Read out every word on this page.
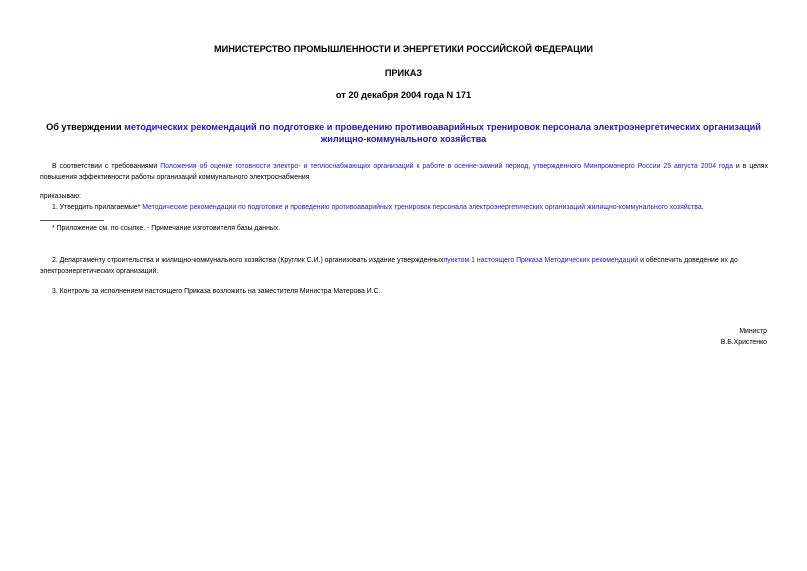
МИНИСТЕРСТВО ПРОМЫШЛЕННОСТИ И ЭНЕРГЕТИКИ РОССИЙСКОЙ ФЕДЕРАЦИИ
ПРИКАЗ
от 20 декабря 2004 года N 171
Об утверждении методических рекомендаций по подготовке и проведению противоаварийных тренировок персонала электроэнергетических организаций жилищно-коммунального хозяйства
В соответствии с требованиями Положения об оценке готовности электро- и теплоснабжающих организаций к работе в осенне-зимний период, утвержденного Минпромэнерго России 25 августа 2004 года и в целях повышения эффективности работы организаций коммунального электроснабжения
приказываю:
1. Утвердить прилагаемые* Методические рекомендации по подготовке и проведению противоаварийных тренировок персонала электроэнергетических организаций жилищно-коммунального хозяйства.
* Приложение см. по ссылке. - Примечание изготовителя базы данных.
2. Департаменту строительства и жилищно-коммунального хозяйства (Круглик С.И.) организовать издание утвержденныхпунктом 1 настоящего Приказа Методических рекомендаций и обеспечить доведение их до электроэнергетических организаций.
3. Контроль за исполнением настоящего Приказа возложить на заместителя Министра Матерова И.С.
Министр
В.Б.Христенко
